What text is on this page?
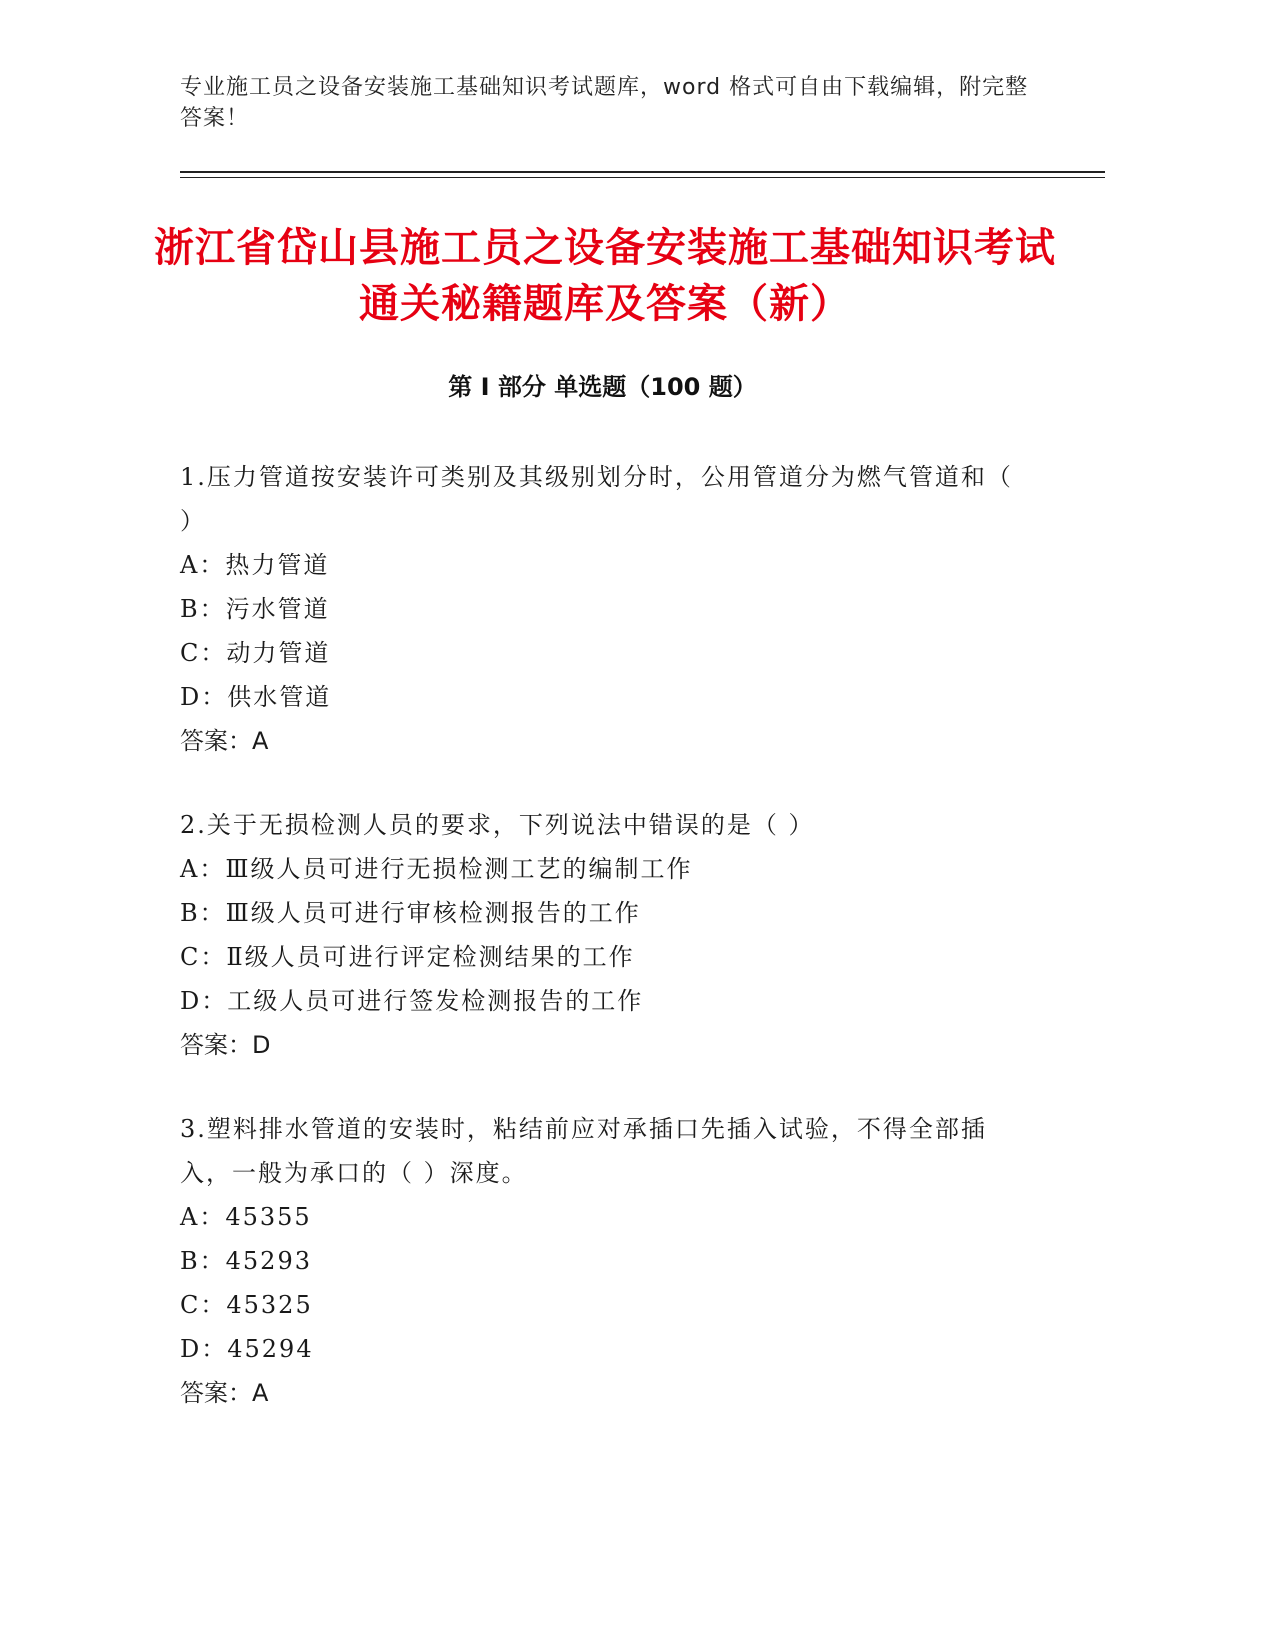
专业施工员之设备安装施工基础知识考试题库，word 格式可自由下载编辑，附完整答案！
浙江省岱山县施工员之设备安装施工基础知识考试通关秘籍题库及答案（新）
第 I 部分 单选题（100 题）

1.压力管道按安装许可类别及其级别划分时，公用管道分为燃气管道和（ ）

A：热力管道

B：污水管道

C：动力管道

D：供水管道

答案：A

2.关于无损检测人员的要求，下列说法中错误的是（ ）

A：Ⅲ级人员可进行无损检测工艺的编制工作

B：Ⅲ级人员可进行审核检测报告的工作

C：Ⅱ级人员可进行评定检测结果的工作

D：工级人员可进行签发检测报告的工作

答案：D

3.塑料排水管道的安装时，粘结前应对承插口先插入试验，不得全部插入，一般为承口的（ ）深度。

A：45355

B：45293

C：45325

D：45294

答案：A
